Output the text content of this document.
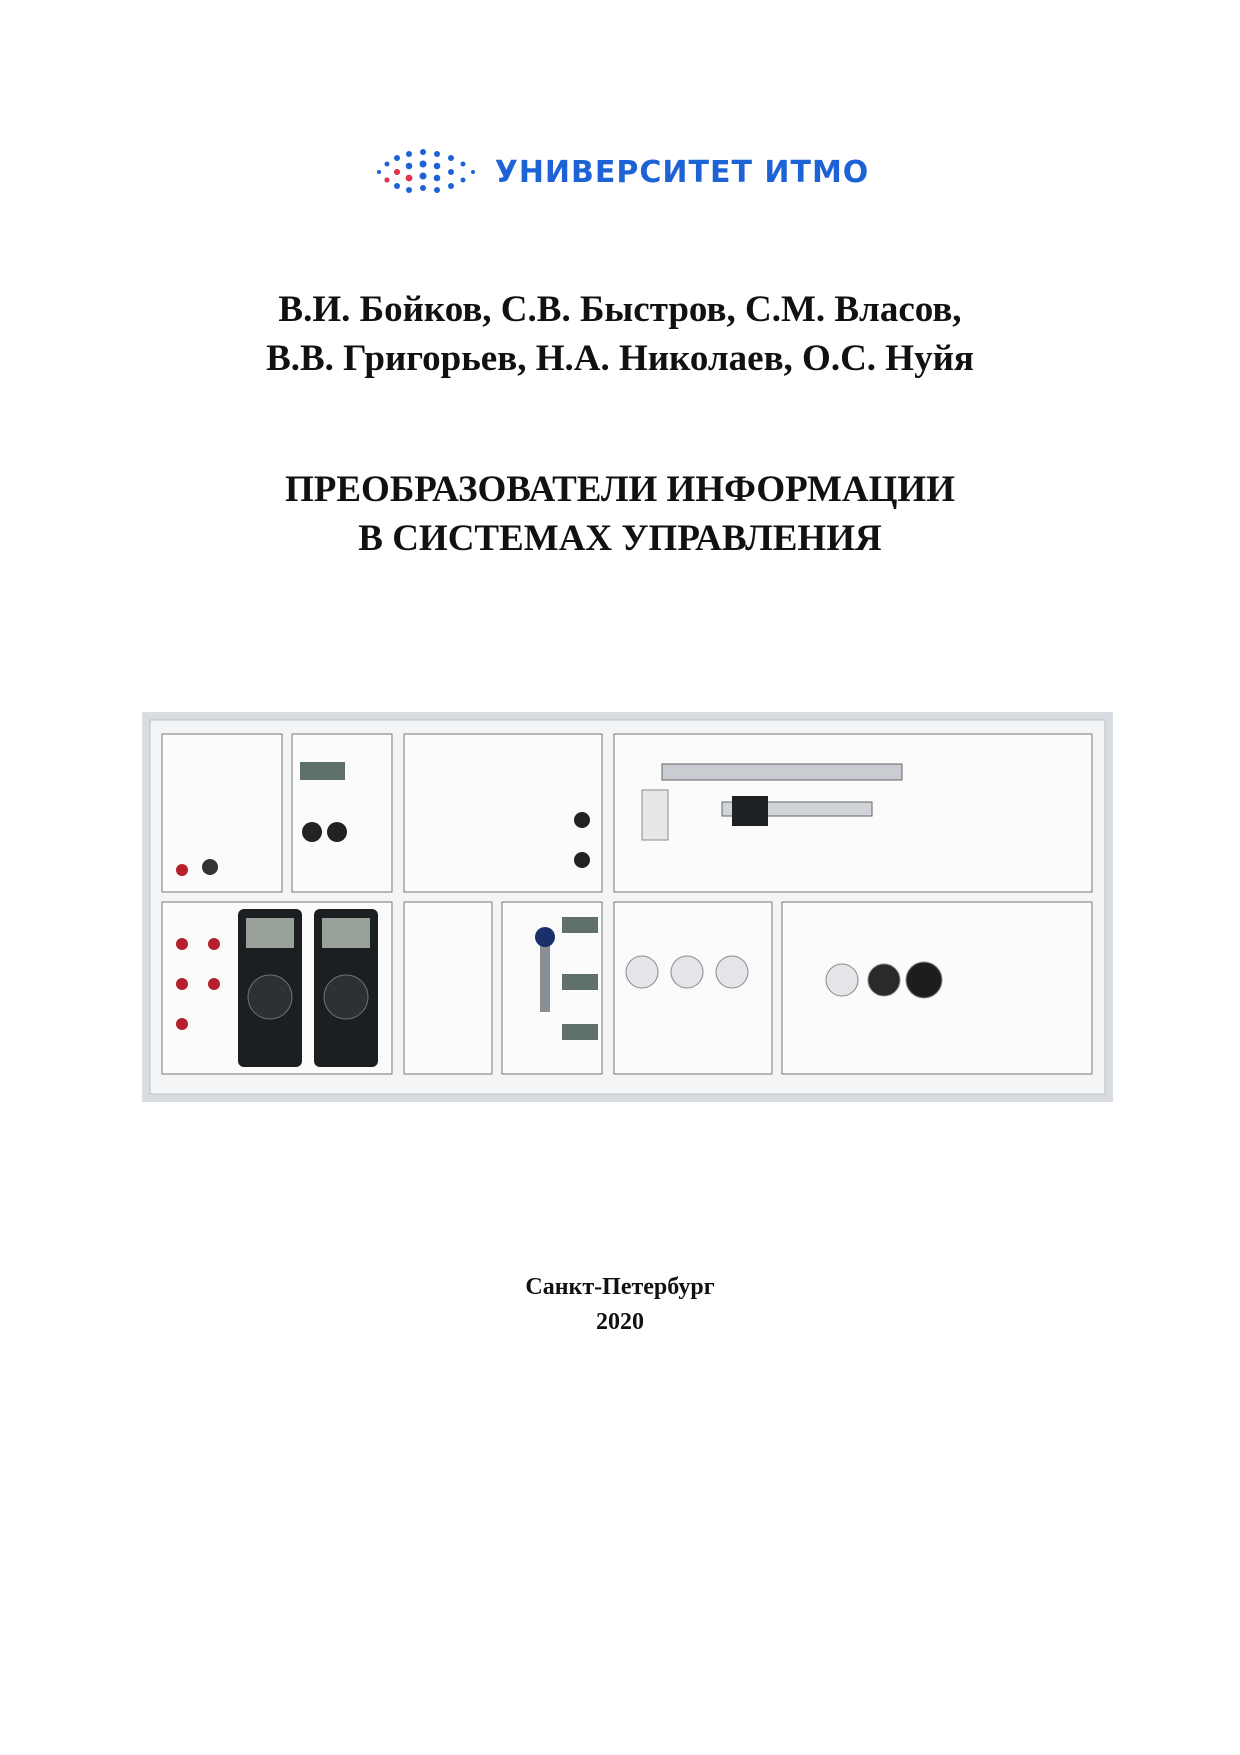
УНИВЕРСИТЕТ ИТМО
В.И. Бойков, С.В. Быстров, С.М. Власов,
В.В. Григорьев, Н.А. Николаев, О.С. Нуйя
ПРЕОБРАЗОВАТЕЛИ ИНФОРМАЦИИ
В СИСТЕМАХ УПРАВЛЕНИЯ
Санкт-Петербург
2020
